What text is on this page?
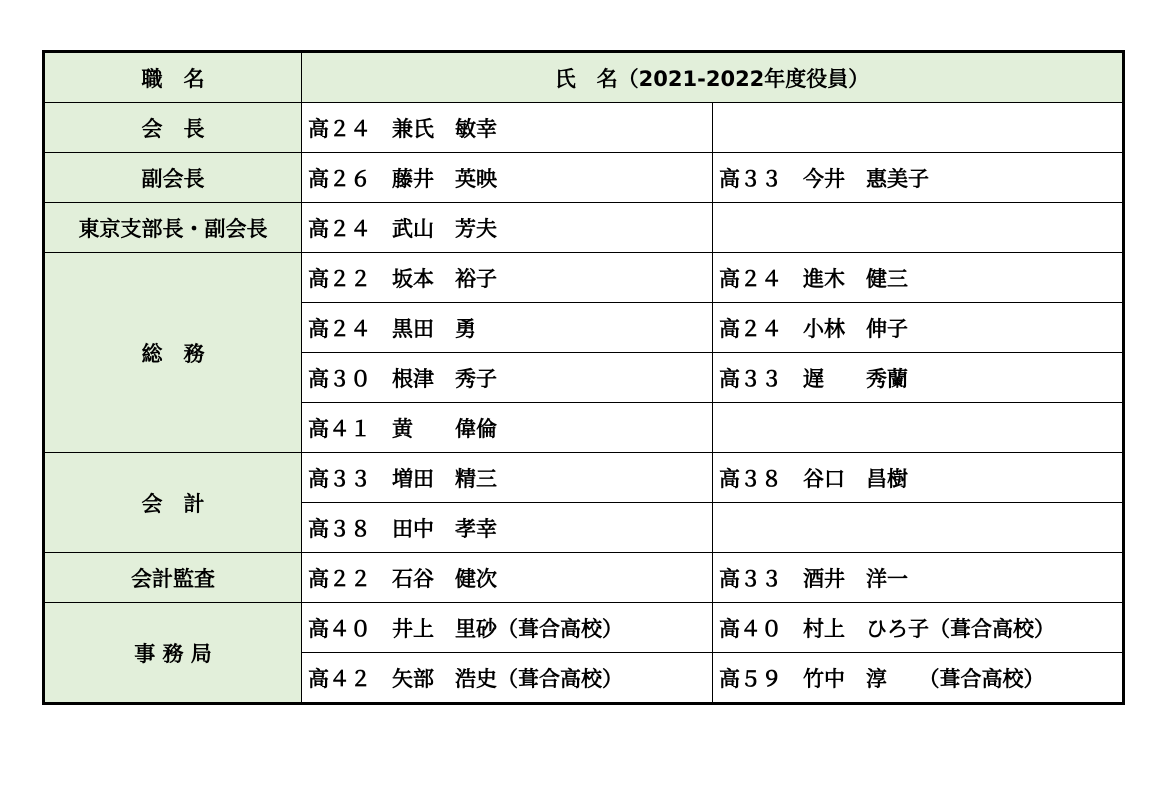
職　名	氏　名（2021-2022年度役員）	
会　長	高２４　兼氏　敏幸	
副会長	高２６　藤井　英映	高３３　今井　惠美子
東京支部長・副会長	高２４　武山　芳夫	
総　務	高２２　坂本　裕子	高２４　進木　健三
	高２４　黒田　勇	高２４　小林　伸子
	高３０　根津　秀子	高３３　遅　　秀蘭
	高４１　黄　　偉倫	
会　計	高３３　増田　精三	高３８　谷口　昌樹
	高３８　田中　孝幸	
会計監査	高２２　石谷　健次	高３３　酒井　洋一
事 務 局	高４０　井上　里砂（葺合高校）	高４０　村上　ひろ子（葺合高校）
	高４２　矢部　浩史（葺合高校）	高５９　竹中　淳　　（葺合高校）
